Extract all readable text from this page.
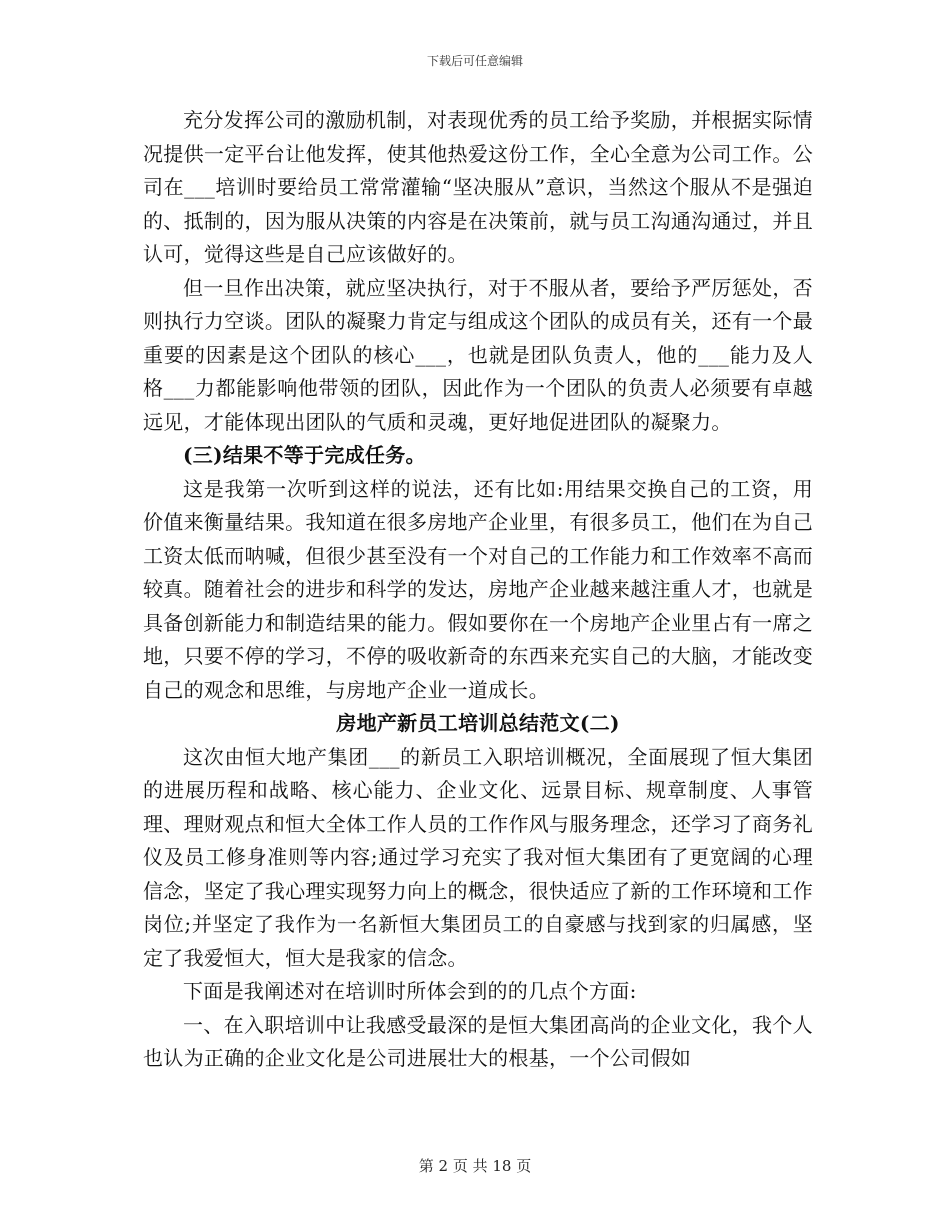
下载后可任意编辑

充分发挥公司的激励机制，对表现优秀的员工给予奖励，并根据实际情况提供一定平台让他发挥，使其他热爱这份工作，全心全意为公司工作。公司在___培训时要给员工常常灌输“坚决服从”意识，当然这个服从不是强迫的、抵制的，因为服从决策的内容是在决策前，就与员工沟通沟通过，并且认可，觉得这些是自己应该做好的。

但一旦作出决策，就应坚决执行，对于不服从者，要给予严厉惩处，否则执行力空谈。团队的凝聚力肯定与组成这个团队的成员有关，还有一个最重要的因素是这个团队的核心___，也就是团队负责人，他的___能力及人格___力都能影响他带领的团队，因此作为一个团队的负责人必须要有卓越远见，才能体现出团队的气质和灵魂，更好地促进团队的凝聚力。

(三)结果不等于完成任务。

这是我第一次听到这样的说法，还有比如:用结果交换自己的工资，用价值来衡量结果。我知道在很多房地产企业里，有很多员工，他们在为自己工资太低而呐喊，但很少甚至没有一个对自己的工作能力和工作效率不高而较真。随着社会的进步和科学的发达，房地产企业越来越注重人才，也就是具备创新能力和制造结果的能力。假如要你在一个房地产企业里占有一席之地，只要不停的学习，不停的吸收新奇的东西来充实自己的大脑，才能改变自己的观念和思维，与房地产企业一道成长。

房地产新员工培训总结范文(二)

这次由恒大地产集团___的新员工入职培训概况，全面展现了恒大集团的进展历程和战略、核心能力、企业文化、远景目标、规章制度、人事管理、理财观点和恒大全体工作人员的工作作风与服务理念，还学习了商务礼仪及员工修身准则等内容;通过学习充实了我对恒大集团有了更宽阔的心理信念，坚定了我心理实现努力向上的概念，很快适应了新的工作环境和工作岗位;并坚定了我作为一名新恒大集团员工的自豪感与找到家的归属感，坚定了我爱恒大，恒大是我家的信念。

下面是我阐述对在培训时所体会到的的几点个方面:

一、在入职培训中让我感受最深的是恒大集团高尚的企业文化，我个人也认为正确的企业文化是公司进展壮大的根基，一个公司假如

第 2 页 共 18 页
